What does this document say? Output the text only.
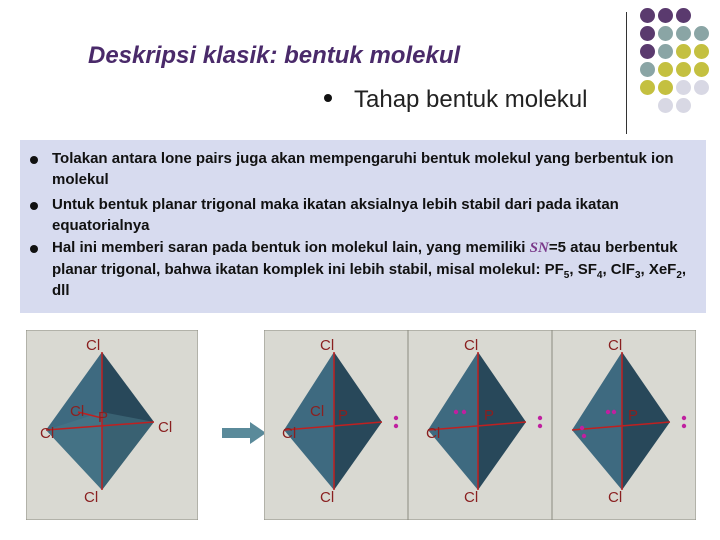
Deskripsi klasik: bentuk molekul
Tahap bentuk molekul
Tolakan antara lone pairs juga akan mempengaruhi bentuk molekul yang berbentuk ion molekul
Untuk bentuk planar trigonal maka ikatan aksialnya lebih stabil dari pada ikatan equatorialnya
Hal ini memberi saran pada bentuk ion molekul lain, yang memiliki SN=5 atau berbentuk planar trigonal, bahwa ikatan komplek ini lebih stabil, misal molekul: $PF_5$, $SF_4$, ClF$_3$, XeF$_2$, dll
Cl
P
Cl
Cl	Cl
Cl
Cl
P
Cl
Cl
Cl
Cl
P
Cl
Cl
Cl
P
Cl
